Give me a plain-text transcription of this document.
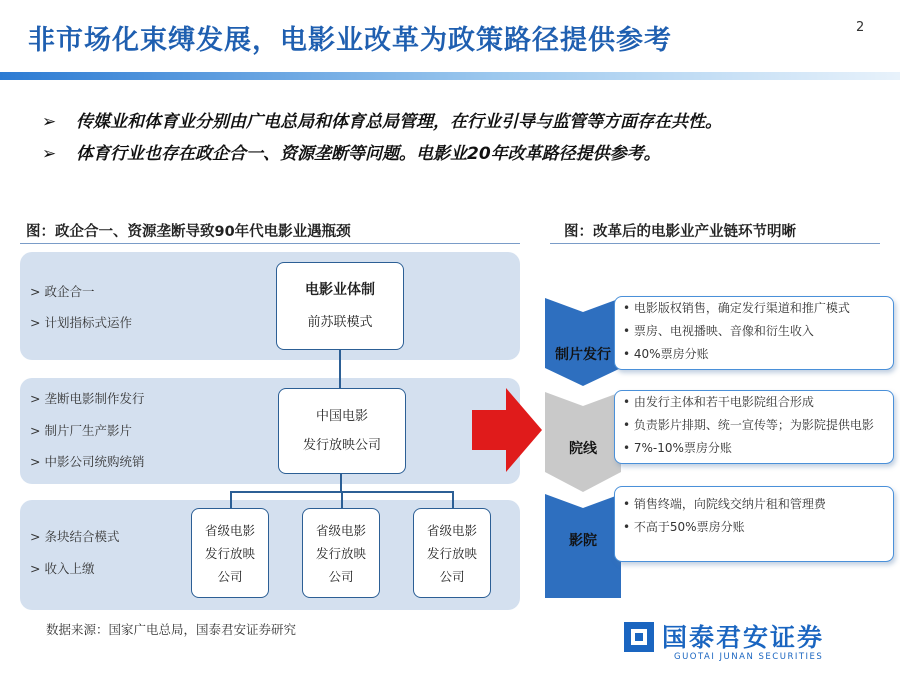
非市场化束缚发展，电影业改革为政策路径提供参考	2
➢	传媒业和体育业分别由广电总局和体育总局管理，在行业引导与监管等方面存在共性。
➢	体育行业也存在政企合一、资源垄断等问题。电影业20年改革路径提供参考。
图：政企合一、资源垄断导致90年代电影业遇瓶颈
> 政企合一
> 计划指标式运作
电影业体制
前苏联模式
> 垄断电影制作发行
> 制片厂生产影片
> 中影公司统购统销
中国电影
发行放映公司
> 条块结合模式
> 收入上缴
省级电影
发行放映
公司
省级电影
发行放映
公司
省级电影
发行放映
公司
数据来源：国家广电总局，国泰君安证券研究
图：改革后的电影业产业链环节明晰
制片发行
• 电影版权销售，确定发行渠道和推广模式
• 票房、电视播映、音像和衍生收入
• 40%票房分账
院线
• 由发行主体和若干电影院组合形成
• 负责影片排期、统一宣传等；为影院提供电影
• 7%-10%票房分账
影院
• 销售终端，向院线交纳片租和管理费
• 不高于50%票房分账
国泰君安证券
GUOTAI JUNAN SECURITIES
